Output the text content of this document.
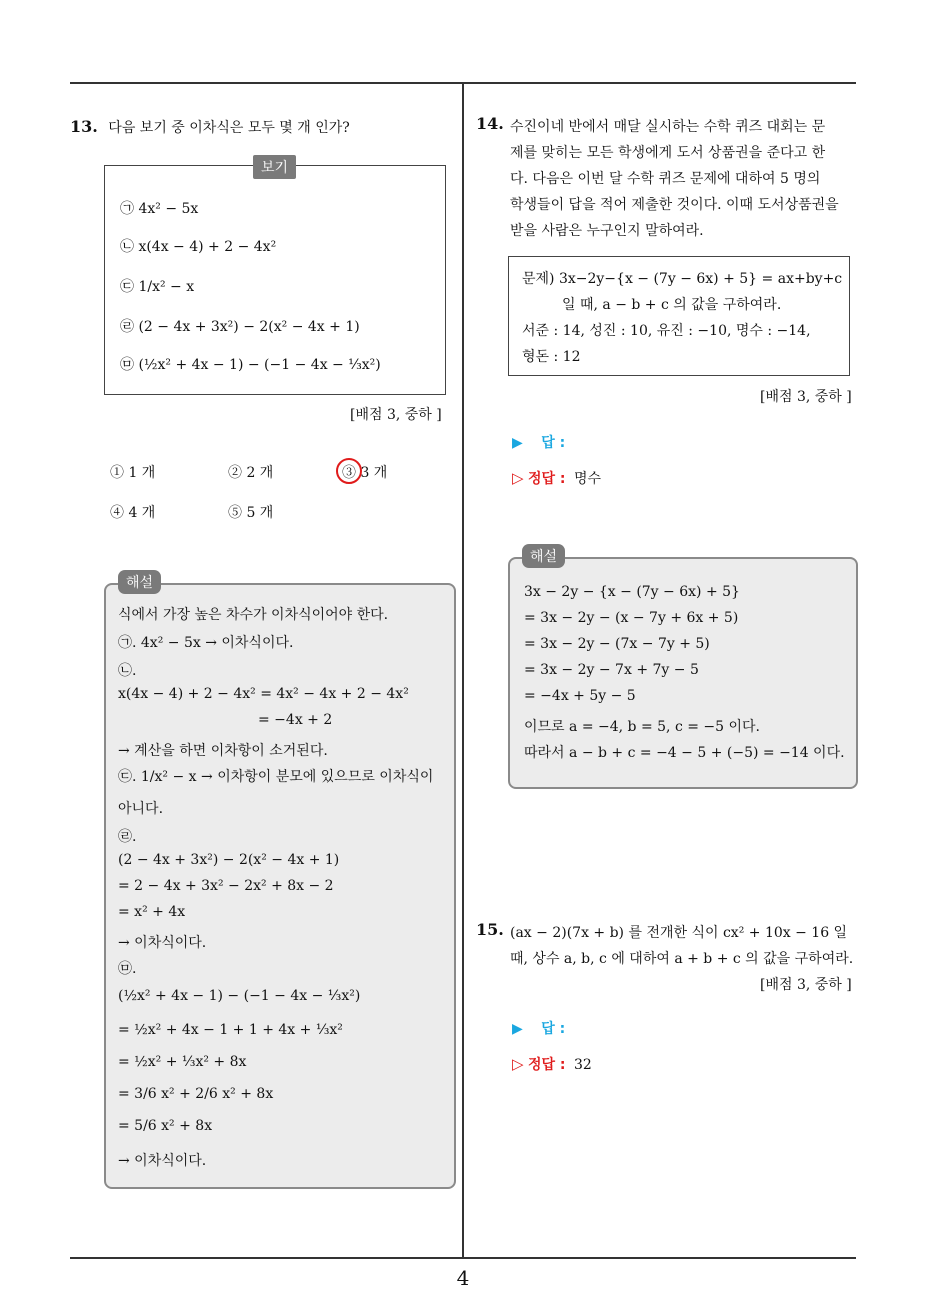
13. 다음 보기 중 이차식은 모두 몇 개 인가?
보기
㉠ 4x² − 5x
㉡ x(4x − 4) + 2 − 4x²
㉢ 1/x² − x
㉣ (2 − 4x + 3x²) − 2(x² − 4x + 1)
㉤ (½x² + 4x − 1) − (−1 − 4x − ⅓x²)
[배점 3, 중하 ]
① 1 개	② 2 개	③ 3 개
④ 4 개	⑤ 5 개
해설
식에서 가장 높은 차수가 이차식이어야 한다.
㉠. 4x² − 5x → 이차식이다.
㉡.
x(4x − 4) + 2 − 4x² = 4x² − 4x + 2 − 4x²
= −4x + 2
→ 계산을 하면 이차항이 소거된다.
㉢. 1/x² − x → 이차항이 분모에 있으므로 이차식이
아니다.
㉣.
(2 − 4x + 3x²) − 2(x² − 4x + 1)
= 2 − 4x + 3x² − 2x² + 8x − 2
= x² + 4x
→ 이차식이다.
㉤.
(½x² + 4x − 1) − (−1 − 4x − ⅓x²)
= ½x² + 4x − 1 + 1 + 4x + ⅓x²
= ½x² + ⅓x² + 8x
= 3/6 x² + 2/6 x² + 8x
= 5/6 x² + 8x
→ 이차식이다.
14. 수진이네 반에서 매달 실시하는 수학 퀴즈 대회는 문
제를 맞히는 모든 학생에게 도서 상품권을 준다고 한
다. 다음은 이번 달 수학 퀴즈 문제에 대하여 5 명의
학생들이 답을 적어 제출한 것이다. 이때 도서상품권을
받을 사람은 누구인지 말하여라.
문제) 3x−2y−{x − (7y − 6x) + 5} = ax+by+c
일 때, a − b + c 의 값을 구하여라.
서준 : 14, 성진 : 10, 유진 : −10, 명수 : −14,
형돈 : 12
[배점 3, 중하 ]
▶ 답 :
▷ 정답 : 명수
해설
3x − 2y − {x − (7y − 6x) + 5}
= 3x − 2y − (x − 7y + 6x + 5)
= 3x − 2y − (7x − 7y + 5)
= 3x − 2y − 7x + 7y − 5
= −4x + 5y − 5
이므로 a = −4, b = 5, c = −5 이다.
따라서 a − b + c = −4 − 5 + (−5) = −14 이다.
15. (ax − 2)(7x + b) 를 전개한 식이 cx² + 10x − 16 일
때, 상수 a, b, c 에 대하여 a + b + c 의 값을 구하여라.
[배점 3, 중하 ]
▶ 답 :
▷ 정답 : 32
4
